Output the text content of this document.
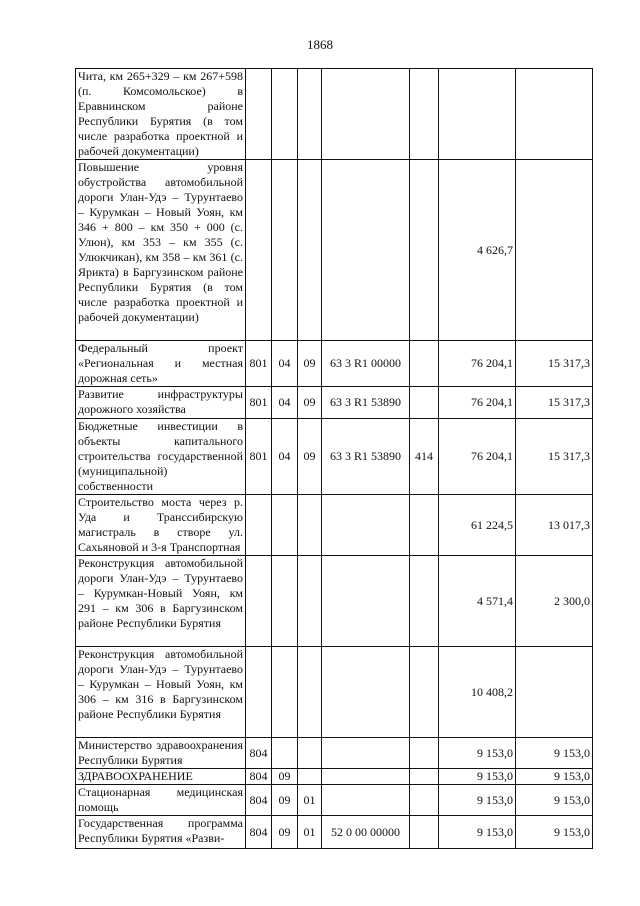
1868
Чита, км 265+329 – км 267+598 (п. Комсомольское) в Еравнинском районе Республики Бурятия (в том числе разработка проектной и рабочей документации)							
Повышение уровня обустройства автомобильной дороги Улан-Удэ – Турунтаево – Курумкан – Новый Уоян, км 346 + 800 – км 350 + 000 (с. Улюн), км 353 – км 355 (с. Улюкчикан), км 358 – км 361 (с. Ярикта) в Баргузинском районе Республики Бурятия (в том числе разработка проектной и рабочей документации)						4 626,7	
Федеральный проект «Региональная и местная дорожная сеть»	801	04	09	63 3 R1 00000		76 204,1	15 317,3
Развитие инфраструктуры дорожного хозяйства	801	04	09	63 3 R1 53890		76 204,1	15 317,3
Бюджетные инвестиции в объекты капитального строительства государственной (муниципальной) собственности	801	04	09	63 3 R1 53890	414	76 204,1	15 317,3
Строительство моста через р. Уда и Транссибирскую магистраль в створе ул. Сахьяновой и 3-я Транспортная						61 224,5	13 017,3
Реконструкция автомобильной дороги Улан-Удэ – Турунтаево – Курумкан-Новый Уоян, км 291 – км 306 в Баргузинском районе Республики Бурятия						4 571,4	2 300,0
Реконструкция автомобильной дороги Улан-Удэ – Турунтаево – Курумкан – Новый Уоян, км 306 – км 316 в Баргузинском районе Республики Бурятия						10 408,2	
Министерство здравоохранения Республики Бурятия	804					9 153,0	9 153,0
ЗДРАВООХРАНЕНИЕ	804	09				9 153,0	9 153,0
Стационарная медицинская помощь	804	09	01			9 153,0	9 153,0
Государственная программа Республики Бурятия «Разви-	804	09	01	52 0 00 00000		9 153,0	9 153,0
